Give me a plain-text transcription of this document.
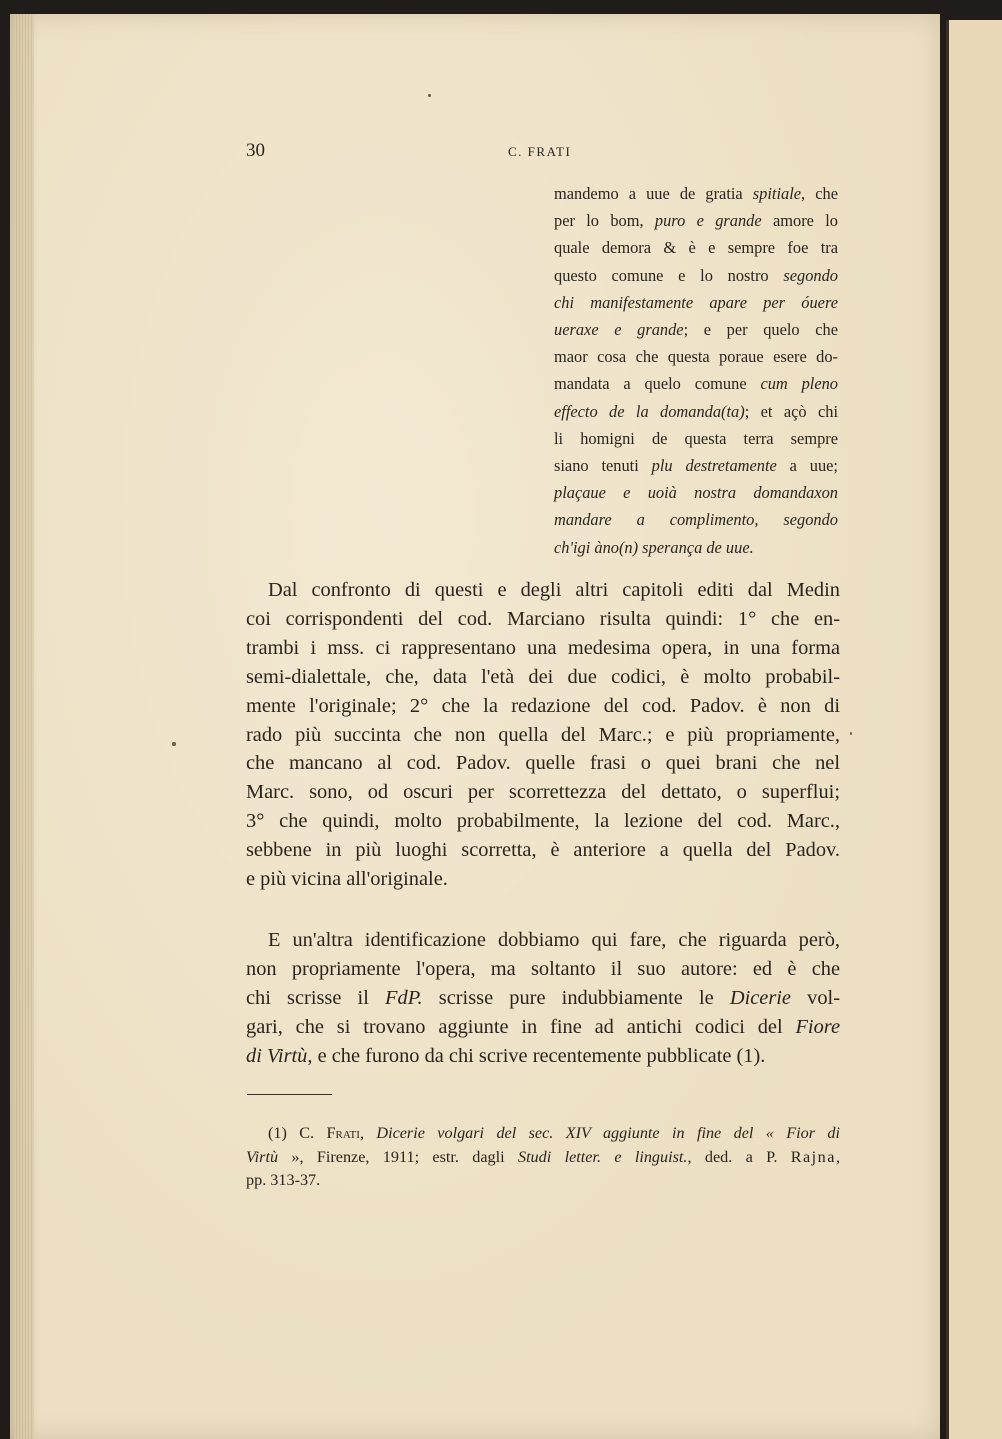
30	C. FRATI
mandemo a uue de gratia spitiale, che
per lo bom, puro e grande amore lo
quale demora & è e sempre foe tra
questo comune e lo nostro segondo
chi manifestamente apare per óuere
ueraxe e grande; e per quelo che
maor cosa che questa poraue esere do-
mandata a quelo comune cum pleno
effecto de la domanda(ta); et açò chi
li homigni de questa terra sempre
siano tenuti plu destretamente a uue;
plaçaue e uoià nostra domandaxon
mandare a complimento, segondo
ch'igi àno(n) sperança de uue.
Dal confronto di questi e degli altri capitoli editi dal Medin
coi corrispondenti del cod. Marciano risulta quindi: 1° che en-
trambi i mss. ci rappresentano una medesima opera, in una forma
semi-dialettale, che, data l'età dei due codici, è molto probabil-
mente l'originale; 2° che la redazione del cod. Padov. è non di
rado più succinta che non quella del Marc.; e più propriamente,
che mancano al cod. Padov. quelle frasi o quei brani che nel
Marc. sono, od oscuri per scorrettezza del dettato, o superflui;
3° che quindi, molto probabilmente, la lezione del cod. Marc.,
sebbene in più luoghi scorretta, è anteriore a quella del Padov.
e più vicina all'originale.
E un'altra identificazione dobbiamo qui fare, che riguarda però,
non propriamente l'opera, ma soltanto il suo autore: ed è che
chi scrisse il FdP. scrisse pure indubbiamente le Dicerie vol-
gari, che si trovano aggiunte in fine ad antichi codici del Fiore
di Virtù, e che furono da chi scrive recentemente pubblicate (1).
(1) C. Frati, Dicerie volgari del sec. XIV aggiunte in fine del « Fior di
Virtù », Firenze, 1911; estr. dagli Studi letter. e linguist., ded. a P. Rajna,
pp. 313-37.
